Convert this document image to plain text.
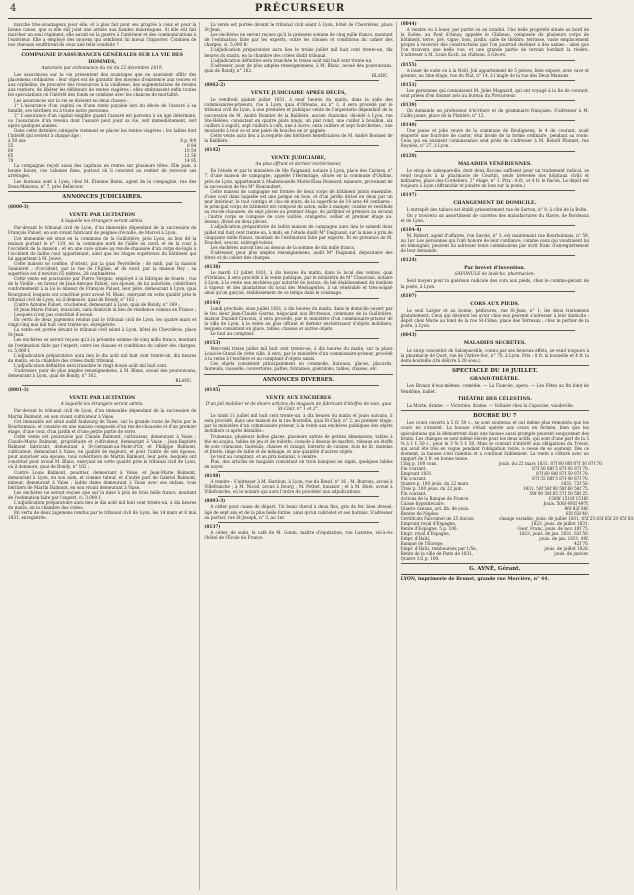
4	PRÉCURSEUR

marché très-avantageux pour elle, et à plus fait pour ses progrès à ceux et pour la bonne cause, que si elle eût joint une armée aux bandes mauresques. Si elle eût fait marcher un seul régiment, elle aurait eu la guerre à l'intérieur et des communications à l'extérieur. Elle a employé des moyens qui semblent lui mieux l'importer. Combien de nos chevaux souffrirent-ils ceux une telle conduite ?

COMPAGNIE D'ASSURANCES GÉNÉRALES SUR LA VIE DES HOMMES,
Autorisée par ordonnance du roi du 22 décembre 1819.

Les assurances sur la vie présentent des avantages que ne sauraient offrir des placemens ordinaires : leur objet est de garantir des moyens d'existence aux veuves et aux orphelins, de procurer des ressources à la vieillesse, des augmentations de revenu aux rentiers, de libérer les débiteurs de rentes viagères : elles embrassent enfin toutes les spéculations où l'intérêt des fonds se combine avec les chances de mortalité.

Les assurances sur la vie se divisent en deux classes :

1° L'assurance d'un capital ou d'une rente payable lors du décès de l'assuré à sa famille, ses héritiers ou à toute autre personne.

2° L'assurance d'un capital exigible quand l'assuré est parvenu à un âge déterminé, ou l'assurance d'un revenu dont l'assuré peut jouir sa vie, soit immédiatement, soit après quelques années.

Dans cette dernière catégorie viennent se placer les rentes viagères ; les tables font l'intérêt qui revient à chaque âge :

à 50 ans	8 p. 0/0
55	8 84
60	10 54
65	12 56
70	14 95

La compagnie reçoit aussi des capitaux en rentes sur plusieurs têtes. Elle paie, à bonne heure, ces cabanes fixes, partout où il convient au rentier de recevoir ses arrérages.

Les bureaux sont à Lyon, chez M. Étienne Benni, agent de la compagnie, rue des Deux-Maisons, n° 7, près Bellecour.

ANNONCES JUDICIAIRES.
(8000-3)
VENTE PAR LICITATION
A laquelle les étrangers seront admis.

Par-devant le tribunal civil de Lyon, d'un immeuble dépendant de la succession de François Paluet, en son vivant fabricant de peignes d'écaille, de Marcel à Lyon.

Cet immeuble est situé en la commune de la Guillotière, près Lyon, au lieu dit la maison portant le n° 119, en la commune nord de l'allée au nord, et de la cour à l'occident de la maison ; et en une cave située au rez-de-chaussée d'un corps-de-logis à l'occident de ladite cour appartenant, ainsi que les étages supérieurs du bâtiment qui lui appartient à M. Jouve.

Cette maison se confine, d'orient, par la quai Peyrollerie ; de midi, par la maison Sannieret ; d'occident, par la rue de l'Église, et de nord, par la maison Rey ; sa superficie est d'environ 65 mètres, 28 centimètres.

Cette vente est poursuivie par Pierre Vergnio, employé à la fabrique de fouets ; rue de la Vieille ; en faveur de Jean-Antoine Paluet, son épouse, de lui autorisée, cohéritiers conformément à la loi le mineur de François Paluet, leur père, demeurant à Lyon, quai Bourgneuf, lesquels ont constitué pour avoué M. Blanc, exerçant en cette qualité près le tribunal civil de Lyon, où il demeure, quai de Bondy, n° 162 ;

Contre Antoine Paluet, crocheteur, demeurant à Lyon, quai de Bondy, n° 169 ;

Et Jean-Marie Paluet, musicien, sans domicile ni lieu de résidence connus en France ;

Lesquels n'ont pas constitué d'avoué.

En vertu de deux jugemens rendus par le tribunal civil de Lyon, les quatre mars et vingt-cinq mai mil huit cent trente-un, enregistrés.

La vente est portée devant le tribunal civil séant à Lyon, hôtel de Chevrières, place St-Jean.

Les enchères se seront reçues qu'à la présente somme de cinq mille francs, montant de l'estimation faite par l'expert, outre les clauses et conditions du cahier des charges, ci. 5,000 f.

L'adjudication préparatoire aura lieu le dix août mil huit cent trente-un, dix heures du matin, en la chambre des criées dudit tribunal.

L'adjudication définitive sera tranchée le vingt douze août mil huit cent.

S'adresser, pour de plus amples renseignemens, à M. Blanc, avoué des poursuivans, demeurant à Lyon, quai de Bondy, n° 162.

BLANC.
(8001-3)
VENTE PAR LICITATION
A laquelle les étrangers seront admis.

Par-devant le tribunal civil de Lyon, d'un immeuble dépendant de la succession de Martin Balmont, en son vivant cultivateur à Vaise.

Cet immeuble est situé audit faubourg de Vaise, sur la grande route de Paris par le Bourbonnais, et consiste en une maison composée d'un rez-de-chaussée et d'un premier étage, d'une cour, d'un jardin et d'une petite partie de terre.

Cette vente est poursuivie par Claude Balmont, cultivateur, demeurant à Vaise ; Claude-Marie Balmont, propriétaire et cultivateur, demeurant à Vaise ; Jean-Baptiste Balmont fabricant, demeurant à St-Germain-au-Mont-d'Or, et Philippe Balmont, cultivateur, demeurant à Vaise, en qualité de majeurs, et pour l'autre de son épouse, pour autoriser son épouse, tous cohéritiers de Martin Balmont, leur père, lesquels ont constitué pour avoué M. Blanc, exerçant en cette qualité près le tribunal civil de Lyon, où il demeure, quai de Bondy, n° 162 ;

Contre Louis Balmont, poudrier, demeurant à Vaise, et Jean-Marie Balmont, demeurant à Lyon, en son nom, et comme tuteur, et d'autre part de Gabriel Balmont, mineur, demeurant à Vaise ; ladite dame demeurant à Vaise avec ses enfans, tous héritiers de Martin Balmont, en son vivant demeurant à Vaise.

Les enchères ne seront reçues que sur la mise à prix de trois mille francs, montant de l'estimation faite par l'expert, ci. 3,000 f.

L'adjudication préparatoire aura lieu le dix août mil huit cent trente-un, à dix heures du matin, en la chambre des criées.

En vertu de deux jugemens rendus par le tribunal civil de Lyon, les 14 mars et 6 mai 1831, enregistrés.

La vente est portée devant le tribunal civil séant à Lyon, hôtel de Chevrières, place St-Jean.

Les enchères ne seront reçues qu'à la présente somme de cinq mille francs, montant de l'estimation faite par les experts, outre les clauses et conditions du cahier des charges, ci. 5,000 fr.

L'adjudication préparatoire aura lieu le treize juillet mil huit cent trente-un, dix heures du matin, en la chambre des criées dudit tribunal.

L'adjudication définitive sera tranchée le treize août mil huit cent trente-un.

S'adresser, pour de plus amples renseignemens, à M. Blanc, avoué des poursuivans, quai de Bondy, n° 162.

BLANC.
(8062-2)
VENTE JUDICIAIRE APRÈS DÉCÈS,

Le vendredi quinze juillet 1831, à neuf heures du matin, dans la salle des commissaires-priseurs, rue à Lyon, quai d'Orléans, au n° 3, il sera procédé par le tribunal civil de Lyon, à une première et publique vente de l'argenterie dépendant de la succession de M. André Bonnier de la Baillière, ancien chanoine, décédé à Lyon, rue Ste-Hélène, consistant en quatre plats longs, un plat rond, une cuiller à bouillon, six cuillers à ragoût, sept cuillers à café, une à sucre, onze cuillers et sept fourchettes ; une moutarde à tout ce et une paire de boucles en or gagnée.

Cette vente aura lieu à la requête des héritiers bénéficiaires de M. André Bonnier de la Baillière.

(8142)
VENTE JUDICIAIRE,
Au plus offrant et dernier enchérisseur,

En l'étude et par le ministère de Me Faignand, notaire à Lyon, place des Carmes, n° 7, d'une maison de campagne, appelée l'Hermitage, située en la commune d'Oullins, près de Lyon, appartenant à Mademoiselle Marie-Élisa Boissard, mineure, provenant de la succession de feu M° Roucaubert.

Cette maison de campagne est formée de deux corps de bâtiment joints ensemble, d'une cour dans laquelle est une pompe en bois, et d'un jardin divisé en deux par un mur intérieur, le tout contigu et clos de murs, de la superficie de 18 ares 48 centiares : le principal corps de bâtiment est composé de salon, salle à manger, cuisine et vestibule au rez-de-chaussée, de sept pièces au premier étage, de jardinier et greniers au second ; l'autre corps se compose de cave voûtée, orangerie, cellier et premier étage au-dessus, divisé en deux pièces.

L'adjudication préparatoire de ladite maison de campagne aura lieu le samedi deux juillet mil huit cent trente-un, à midi, en l'étude dudit M° Faignand, sur la mise à prix de cinquante mille francs, montant de l'estimation faite par experts. Et en présence de M. Fouchet, avocat, subrogé-tuteur.

Les enchères auront lieu au dessus de la somme de dix mille francs.

S'adresser, pour plus amples renseignemens, audit M° Faignand, dépositaire des titres et du cahier des charges.

(8138)

Le mardi 12 juillet 1831, à dix heures du matin, dans le local des ventes, quai d'Orléans, il sera procédé à la vente publique, par le ministère de M° Chauvisié, notaire à Lyon, à la vente aux enchères par autorité de justice, du bel établissement du modiste à vapeur, et des plantations du local des Messageries, à un vénérable et très-soigné ainsi qu'un garçon, établissement de ce temps dans le voisinage.

(8144)

Lundi prochain, onze juillet 1831, à dix heures du matin, dans le domicile ouvert par le feu sieur Jean-Claude Garrus, négociant aux Brotteaux, commune de la Guillotière, maison Durand-Cravoux, il sera procédé, par le ministère d'un commissaire-priseur de la ville de Lyon, à la vente au plus offrant et dernier enchérisseur d'objets mobiliers, lesquels consistent en glace, tables, chaises et autres objets.

Le tout au comptant.

(8153)

Mercredi treize juillet mil huit cent trente-un, à dix heures du matin, sur la place Louis-le-Grand de cette ville, il sera, par le ministère d'un commissaire-priseur, procédé à la vente à l'enchère et au comptant d'objets saisis.

Ces objets consistent principalement en commode, bureaux, glaces, placards, fauteuils, vaisselle, couvertures, pattes, fontaines, guéridons, tables, chaises, etc.

ANNONCES DIVERSES.
(8145)
VENTE AUX ENCHÈRES
D'un joli mobilier et de divers articles du magasin de fabricant d'étoffes de soie, quai St-Clair, n° 1 et 2°.

Le lundi 11 juillet mil huit cent trente-un, à dix heures du matin et jours suivans, il sera procédé, dans une maison de la rue Bouteille, quai St-Clair, n° 2, au premier étage, par le ministère d'un commissaire-priseur, à la vente aux enchères publiques des objets mobiliers ci-après détaillés :

Trumeaux, plusieurs belles glaces, plusieurs autres de petites dimensions, tables à thé en acajou, tables de jeu et de toilette, console à dessus de marbre, rideaux en étoffe de soie cramoisie, fauteuils, chaises et canapé, batterie de cuisine, bois de lit, matelas et literie, linge de table et de ménage, et une quantité d'autres objets.

Le tout au comptant, et au prix nominal, à vendre.

Plus, des articles de magasin consistant en trois banques en sapin, quelques tables en noyer.

(8148)

A vendre : S'adresser à M. Hardoin, à Lyon, rue du Bœuf, n° 16 ; M. Boirons, avoué à Villefranche ; à M. Nicod, avoué à Bourg ; M. Pothet, huissier ; et à M. Huet, avoué à Villefranche, où le notaire qui aura l'ordre de procéder aux adjudications.

(8093-3)

A céder pour cause de départ. Un beau cheval à deux fins, gris de fer, bien dressé, âgé de sept ans et de la plus belle forme, ainsi qu'un cabriolet et ses harnais. S'adresser au portier, rue St-Joseph, n° 3, au 1er.

(8137)

A céder, de suite, le café de M. Gonin, maître d'équitation, rue Luzerne, vis-à-vis l'hôtel de l'École de France.

(8044)

A vendre ou à louer, par partie ou en totalité. Une belle propriété située au bord de la Saône, au Pont d'Ainay, appelée le Château, composée de plusieurs corps de bâtiment, terre, pré, vigne, bois, jardin, salle de théâtre, terrasse, vaste emplacement propre à recevoir des constructions que l'on pourrait destiner à des usines : ainsi que l'on trouvera une belle vue, et une grande partie de terrain bordant la rivière. S'adresser à M. Louis Koch, au château, à Givors.

(8155)

A louer de suite ou à la Noël. Joli appartement de 5 pièces, bien exposé, avec cave et grenier, au 3me étage, rue du Plat, n° 14, à l'angle de la rue des Deux-Maisons.

(8151)

Les personnes qui connaissent M. Jules Magnard, qui ont voyagé à la fin de courant, sont priées d'en donner avis au bureau du Précurseur.

(8139)

On demande un professeur d'écriture et de grammaire française. S'adresser à M. Caille jeune, place de la Platière, n° 12.

(8140)

Une jeune et jolie veuve de la commune de Bouligneux, le 4 du courant, avait emporté une fourrure de castor, étui brodé de la forme ordinaire, pendant sa route. Ceux qui en auraient connaissance sont priés de s'adresser à M. Benoît Plannet, rue Boyolée, n° 27, à Lyon.

(8129)
MALADIES VÉNÉRIENNES.

Le sirop de salsepareille, dont deux flacons suffisent pour un traitement radical, se vend toujours à la pharmacie de Courtin, seule brevetée des hôpitaux civils et militaires, place des Cordeliers, 2° étage, n° 1. Prix : 8 fr., et 4 fr. le flacon. Le dépôt est toujours à Lyon (Affranchir et joindre un bon sur la poste.)

(8147)
CHANGEMENT DE DOMICILE.

L'entrepôt des tabacs est établi présentement rue de Sarron, n° 9, à côté de la Boîte.

On y trouvera un assortiment de carottes des manufactures du Havre, de Bordeaux et de Lyon.

(8104-4)

M. Robert, agent d'affaires, rue Savoie, n° 3, est maintenant rue Bourbonnais, n° 59, au 1er. Les personnes qui l'ont honoré de leur confiance, comme ceux qui voudraient lui en témoigner, peuvent lui adresser leurs commissions par écrit franc d'enregistrement de leur demande.

(8124)
Par brevet d'invention.
SAVONULE de lavèche, pharmacien.

Seul moyen pour la guérison radicale des cors aux pieds, chez le commis-gérant de la poste, à Lyon.

(8107)
CORS AUX PIEDS.

Le seul Larger et au bonne, pédicures, rue St-Jean, n° 1, les deux traitemens gratuitement. Ceux qui désirent les avoir chez eux peuvent s'adresser à leur domicile : dépôt chez Marie au fond de la rue St-Côme, place des Terreaux ; chez le portier de la poste, à Lyon.

(8043)
MALADIES SECRÈTES.

Le sirop concentré de Salsepareille, connu par ses heureux effets, se vend toujours à la pharmacie de Quet, rue de l'Arbre-Sec, n° 70, à Lyon. Prix : 8 fr. la bouteille et 4 fr. la demi-bouteille (On délivre à 20 sous.)

SPECTACLE DU 10 JUILLET.
GRAND-THÉÂTRE.

Les Rivaux d'eux-mêmes, comédie. — La Fiancée, opéra. — Les Fêtes au fin fond de Vendôme, ballet.

THÉÂTRE DES CÉLESTINS.

La Morte, drame. — Victorine, drame. — Voltaire chez la Capucine, vaudeville.

BOURSE DU 7

Les cours ouverts à 5 fr. 50 c., se sont soutenus et out même plus remontés que les cours ne s'étaient. La hausse s'était opérée aux cours en fermée, bien que les spéculations qui la démontrent dans une hausse aussi prompte peuvent soupçonner des bruits. Les changes se sont même élevés pour les deux actifs, qui sont d'une part de la 5 % à 1 f. 50 c., pour le 3 % 5 f. 50. Mais le courant d'intérêt aux obligations du Trésor, qui avait été très en vogue pendant l'obligation rente, a cessé de se soutenir. Dès ce moment, la hausse s'est ralentie et a continué faiblement. La rente a clôturé avec un rapport de 3 fr. en bonne tenue.

Cinq p. 100 cons.	jouis. du 22 mars 1831. 87f 60 88f 87f 30 87f 70.
Fin courant.	87f 50 88f 5 87f 45 87f 70.
Emprunt 1831.	87f 60 88f 87f 50 87f 70.
Fin courant.	87f 55 88f 5 87f 40 87f 70.
Quatre p. 100 jouis. du 22 mars.	1831. 72f 50.
Trois p. 100 jouis. du 22 juin.	1831. 59f 58f 90 58f 80 58f 75.
Fin courant.	59f 90 58f 65 57f 50 58f 25.
Actions de la Banque de France.	1500f 1510f 1516f.
Caisse hypothécaire.	Jouis. 500f 495f 497f.
Quatre canaux, act. lib. de jouis.	86f 82f 80f.
Rentes de Naples.	65f 65f 40.
Certificats Falconnet de 25 ducats,	change variable, jouis. de juillet 1831. 65f 25 65f 65f 20 65f 60.
Emprunt royal d'Espagne,	1823. jouis. de juillet 1831.
Rente d'Espagne, 5 p. 100.	Guer. Franç. jouis. de nov. 18f 75.
Empr. royal d'Espagne,	1823, jouis. de jan. 1831. 62f 50.
Empr. d'Haïti,	jouis. de jan. 1831. 40f.
Banque de l'Europe,	42f 70.
Empr. d'Haïti, remboursés par 1/5e,	jouis. de juillet 1828.
Rente de la ville de Paris de 1831,	jouis. de janvier.
Quatre 1/2 p. 100.
G. AYNÉ, Gérant.
LYON, imprimerie de Brunet, grande rue Mercière, n° 44.
